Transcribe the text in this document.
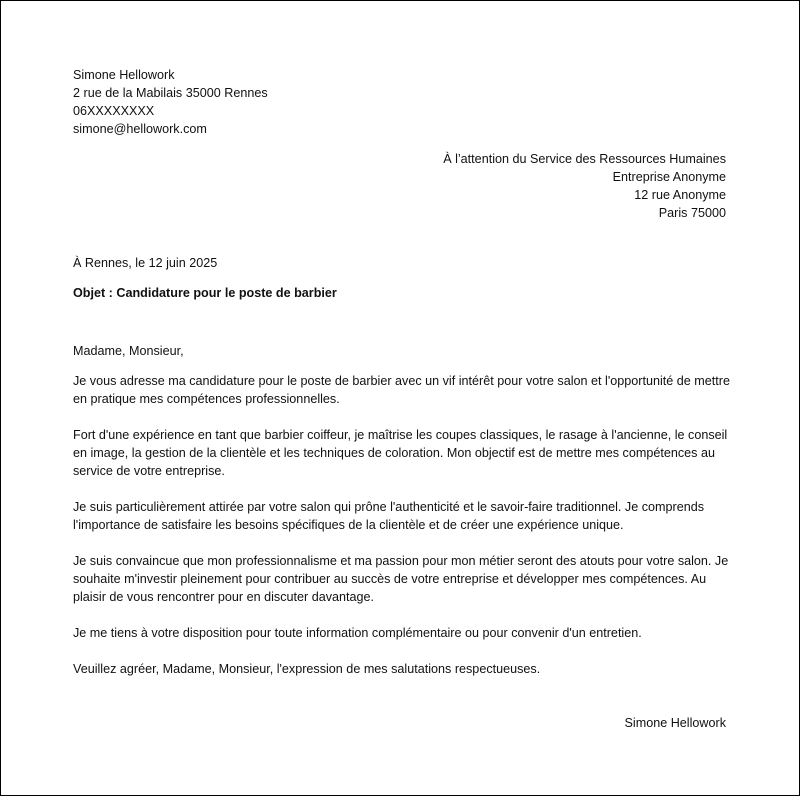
Simone Hellowork
2 rue de la Mabilais 35000 Rennes
06XXXXXXXX
simone@hellowork.com
À l’attention du Service des Ressources Humaines
Entreprise Anonyme
12 rue Anonyme
Paris 75000
À Rennes, le 12 juin 2025
Objet : Candidature pour le poste de barbier
Madame, Monsieur,

Je vous adresse ma candidature pour le poste de barbier avec un vif intérêt pour votre salon et l'opportunité de mettre en pratique mes compétences professionnelles.

Fort d'une expérience en tant que barbier coiffeur, je maîtrise les coupes classiques, le rasage à l'ancienne, le conseil en image, la gestion de la clientèle et les techniques de coloration. Mon objectif est de mettre mes compétences au service de votre entreprise.

Je suis particulièrement attirée par votre salon qui prône l'authenticité et le savoir-faire traditionnel. Je comprends l'importance de satisfaire les besoins spécifiques de la clientèle et de créer une expérience unique.

Je suis convaincue que mon professionnalisme et ma passion pour mon métier seront des atouts pour votre salon. Je souhaite m'investir pleinement pour contribuer au succès de votre entreprise et développer mes compétences. Au plaisir de vous rencontrer pour en discuter davantage.

Je me tiens à votre disposition pour toute information complémentaire ou pour convenir d'un entretien.

Veuillez agréer, Madame, Monsieur, l'expression de mes salutations respectueuses.

Simone Hellowork
